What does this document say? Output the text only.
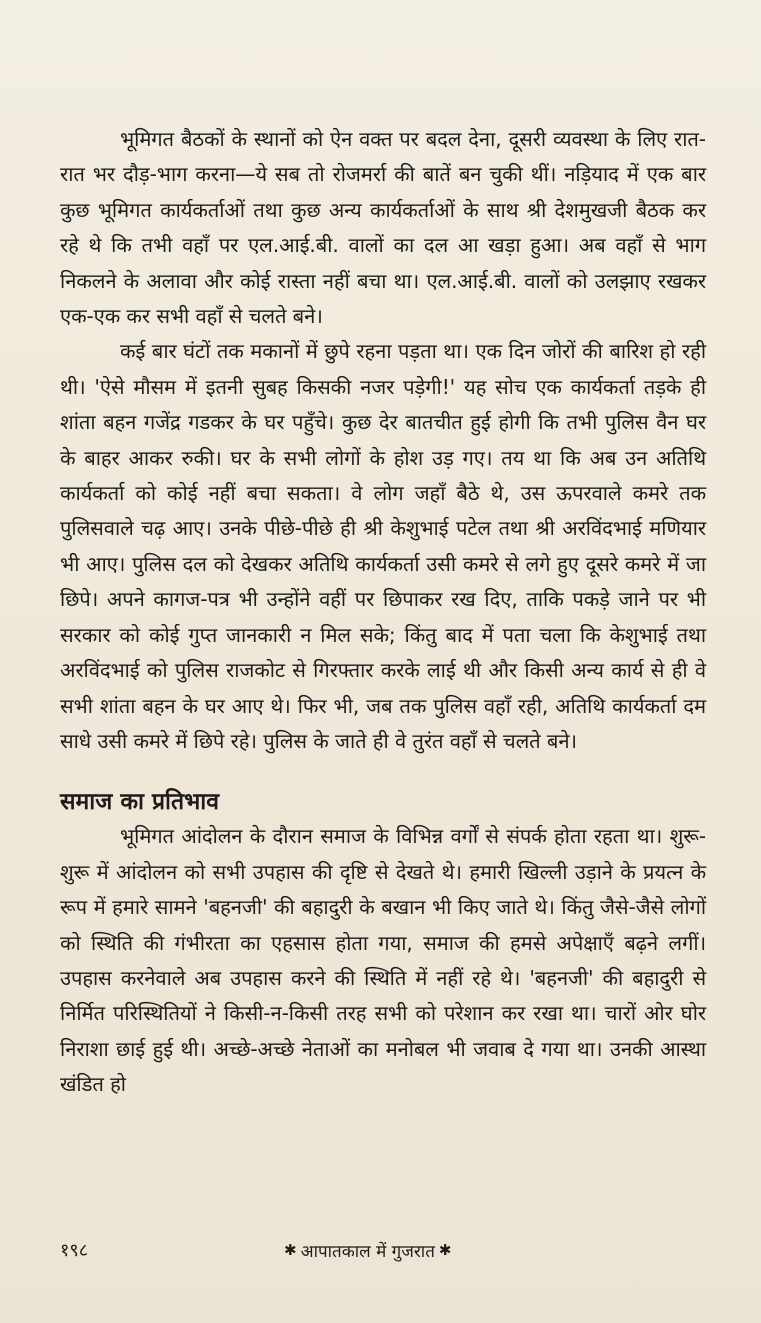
भूमिगत बैठकों के स्थानों को ऐन वक्त पर बदल देना, दूसरी व्यवस्था के लिए रात-रात भर दौड़-भाग करना—ये सब तो रोजमर्रा की बातें बन चुकी थीं। नड़ियाद में एक बार कुछ भूमिगत कार्यकर्ताओं तथा कुछ अन्य कार्यकर्ताओं के साथ श्री देशमुखजी बैठक कर रहे थे कि तभी वहाँ पर एल.आई.बी. वालों का दल आ खड़ा हुआ। अब वहाँ से भाग निकलने के अलावा और कोई रास्ता नहीं बचा था। एल.आई.बी. वालों को उलझाए रखकर एक-एक कर सभी वहाँ से चलते बने।

कई बार घंटों तक मकानों में छुपे रहना पड़ता था। एक दिन जोरों की बारिश हो रही थी। 'ऐसे मौसम में इतनी सुबह किसकी नजर पड़ेगी!' यह सोच एक कार्यकर्ता तड़के ही शांता बहन गजेंद्र गडकर के घर पहुँचे। कुछ देर बातचीत हुई होगी कि तभी पुलिस वैन घर के बाहर आकर रुकी। घर के सभी लोगों के होश उड़ गए। तय था कि अब उन अतिथि कार्यकर्ता को कोई नहीं बचा सकता। वे लोग जहाँ बैठे थे, उस ऊपरवाले कमरे तक पुलिसवाले चढ़ आए। उनके पीछे-पीछे ही श्री केशुभाई पटेल तथा श्री अरविंदभाई मणियार भी आए। पुलिस दल को देखकर अतिथि कार्यकर्ता उसी कमरे से लगे हुए दूसरे कमरे में जा छिपे। अपने कागज-पत्र भी उन्होंने वहीं पर छिपाकर रख दिए, ताकि पकड़े जाने पर भी सरकार को कोई गुप्त जानकारी न मिल सके; किंतु बाद में पता चला कि केशुभाई तथा अरविंदभाई को पुलिस राजकोट से गिरफ्तार करके लाई थी और किसी अन्य कार्य से ही वे सभी शांता बहन के घर आए थे। फिर भी, जब तक पुलिस वहाँ रही, अतिथि कार्यकर्ता दम साधे उसी कमरे में छिपे रहे। पुलिस के जाते ही वे तुरंत वहाँ से चलते बने।

समाज का प्रतिभाव

भूमिगत आंदोलन के दौरान समाज के विभिन्न वर्गों से संपर्क होता रहता था। शुरू-शुरू में आंदोलन को सभी उपहास की दृष्टि से देखते थे। हमारी खिल्ली उड़ाने के प्रयत्न के रूप में हमारे सामने 'बहनजी' की बहादुरी के बखान भी किए जाते थे। किंतु जैसे-जैसे लोगों को स्थिति की गंभीरता का एहसास होता गया, समाज की हमसे अपेक्षाएँ बढ़ने लगीं। उपहास करनेवाले अब उपहास करने की स्थिति में नहीं रहे थे। 'बहनजी' की बहादुरी से निर्मित परिस्थितियों ने किसी-न-किसी तरह सभी को परेशान कर रखा था। चारों ओर घोर निराशा छाई हुई थी। अच्छे-अच्छे नेताओं का मनोबल भी जवाब दे गया था। उनकी आस्था खंडित हो

१९८	✱ आपातकाल में गुजरात ✱
